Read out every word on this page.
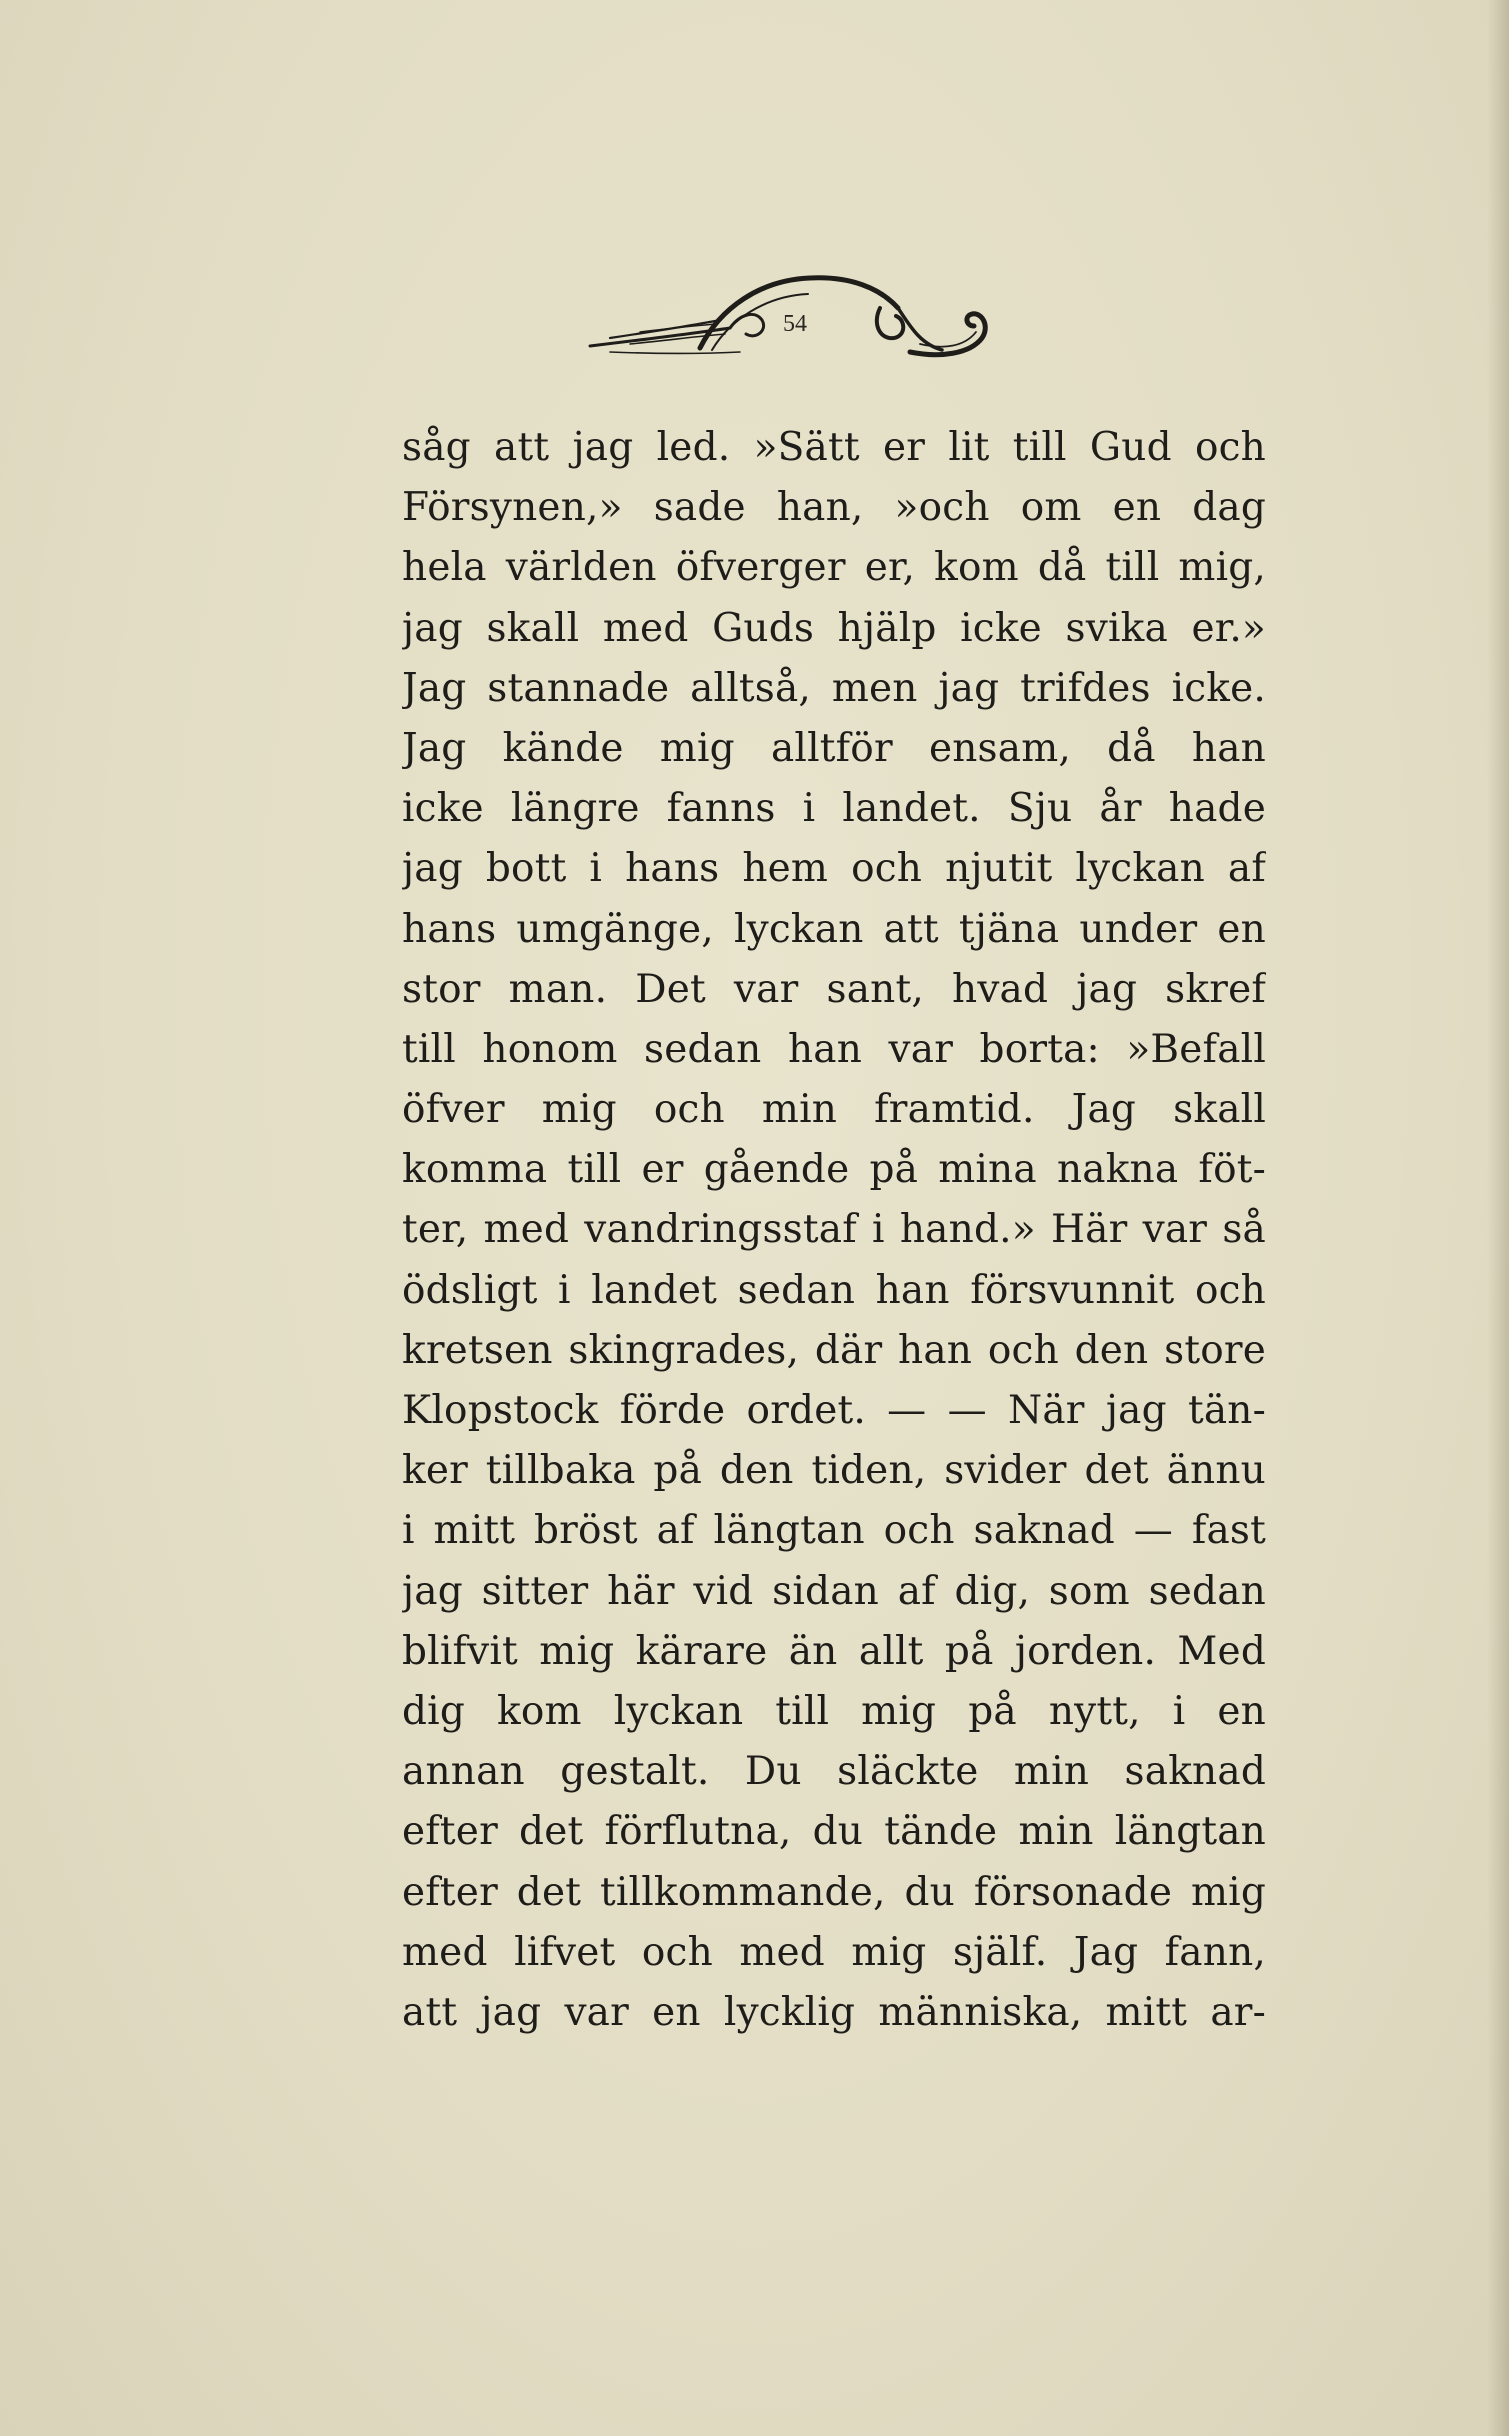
54
såg att jag led. »Sätt er lit till Gud och
Försynen,» sade han, »och om en dag
hela världen öfverger er, kom då till mig,
jag skall med Guds hjälp icke svika er.»
Jag stannade alltså, men jag trifdes icke.
Jag kände mig alltför ensam, då han
icke längre fanns i landet. Sju år hade
jag bott i hans hem och njutit lyckan af
hans umgänge, lyckan att tjäna under en
stor man. Det var sant, hvad jag skref
till honom sedan han var borta: »Befall
öfver mig och min framtid. Jag skall
komma till er gående på mina nakna föt-
ter, med vandringsstaf i hand.» Här var så
ödsligt i landet sedan han försvunnit och
kretsen skingrades, där han och den store
Klopstock förde ordet. — — När jag tän-
ker tillbaka på den tiden, svider det ännu
i mitt bröst af längtan och saknad — fast
jag sitter här vid sidan af dig, som sedan
blifvit mig kärare än allt på jorden. Med
dig kom lyckan till mig på nytt, i en
annan gestalt. Du släckte min saknad
efter det förflutna, du tände min längtan
efter det tillkommande, du försonade mig
med lifvet och med mig själf. Jag fann,
att jag var en lycklig människa, mitt ar-
